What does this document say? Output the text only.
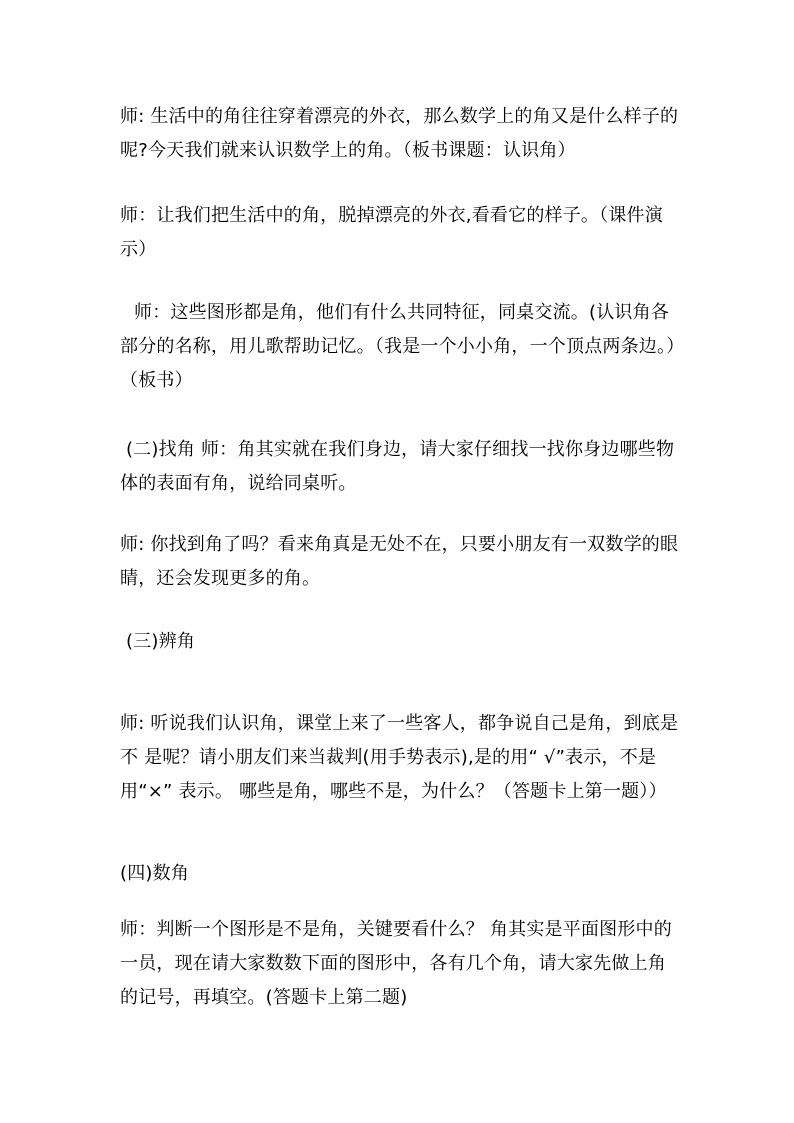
师: 生活中的角往往穿着漂亮的外衣，那么数学上的角又是什么样子的呢?今天我们就来认识数学上的角。（板书课题：认识角）
师：让我们把生活中的角，脱掉漂亮的外衣,看看它的样子。（课件演示）
师：这些图形都是角，他们有什么共同特征，同桌交流。(认识角各部分的名称，用儿歌帮助记忆。（我是一个小小角，一个顶点两条边。）（板书）
(二)找角 师：角其实就在我们身边，请大家仔细找一找你身边哪些物体的表面有角，说给同桌听。
师: 你找到角了吗？看来角真是无处不在，只要小朋友有一双数学的眼睛，还会发现更多的角。
(三)辨角
师: 听说我们认识角，课堂上来了一些客人，都争说自己是角，到底是不 是呢？请小朋友们来当裁判(用手势表示),是的用“ √”表示，不是用“×” 表示。 哪些是角，哪些不是，为什么？（答题卡上第一题））
(四)数角
师：判断一个图形是不是角，关键要看什么？ 角其实是平面图形中的一员，现在请大家数数下面的图形中，各有几个角，请大家先做上角的记号，再填空。(答题卡上第二题)
